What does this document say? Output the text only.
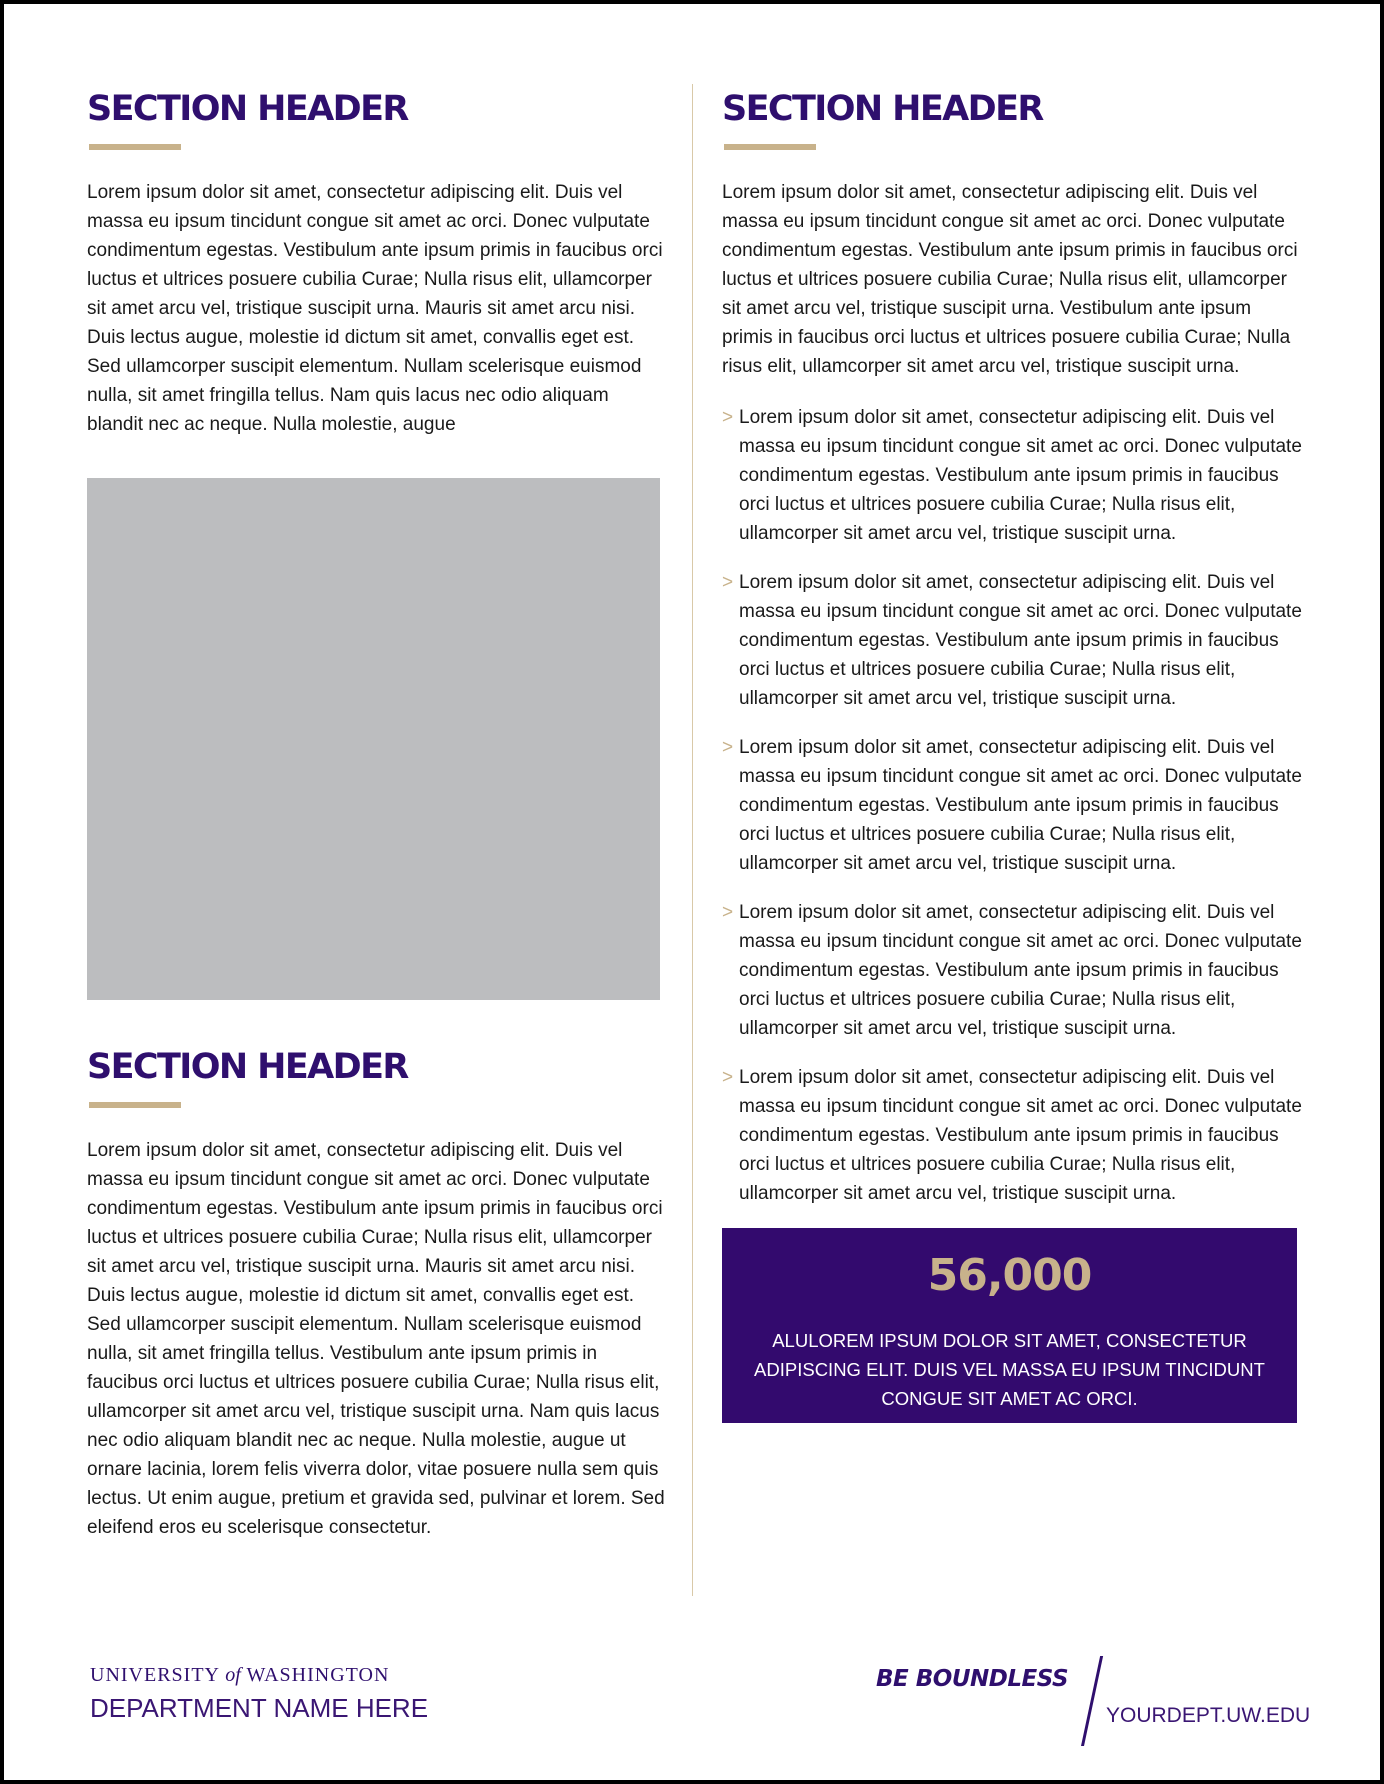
SECTION HEADER

Lorem ipsum dolor sit amet, consectetur adipiscing elit. Duis vel massa eu ipsum tincidunt congue sit amet ac orci. Donec vulputate condimentum egestas. Vestibulum ante ipsum primis in faucibus orci luctus et ultrices posuere cubilia Curae; Nulla risus elit, ullamcorper sit amet arcu vel, tristique suscipit urna. Mauris sit amet arcu nisi. Duis lectus augue, molestie id dictum sit amet, convallis eget est. Sed ullamcorper suscipit elementum. Nullam scelerisque euismod nulla, sit amet fringilla tellus. Nam quis lacus nec odio aliquam blandit nec ac neque. Nulla molestie, augue

SECTION HEADER

Lorem ipsum dolor sit amet, consectetur adipiscing elit. Duis vel massa eu ipsum tincidunt congue sit amet ac orci. Donec vulputate condimentum egestas. Vestibulum ante ipsum primis in faucibus orci luctus et ultrices posuere cubilia Curae; Nulla risus elit, ullamcorper sit amet arcu vel, tristique suscipit urna. Mauris sit amet arcu nisi. Duis lectus augue, molestie id dictum sit amet, convallis eget est. Sed ullamcorper suscipit elementum. Nullam scelerisque euismod nulla, sit amet fringilla tellus. Vestibulum ante ipsum primis in faucibus orci luctus et ultrices posuere cubilia Curae; Nulla risus elit, ullamcorper sit amet arcu vel, tristique suscipit urna. Nam quis lacus nec odio aliquam blandit nec ac neque. Nulla molestie, augue ut ornare lacinia, lorem felis viverra dolor, vitae posuere nulla sem quis lectus. Ut enim augue, pretium et gravida sed, pulvinar et lorem. Sed eleifend eros eu scelerisque consectetur.

SECTION HEADER

Lorem ipsum dolor sit amet, consectetur adipiscing elit. Duis vel massa eu ipsum tincidunt congue sit amet ac orci. Donec vulputate condimentum egestas. Vestibulum ante ipsum primis in faucibus orci luctus et ultrices posuere cubilia Curae; Nulla risus elit, ullamcorper sit amet arcu vel, tristique suscipit urna. Vestibulum ante ipsum primis in faucibus orci luctus et ultrices posuere cubilia Curae; Nulla risus elit, ullamcorper sit amet arcu vel, tristique suscipit urna.

> Lorem ipsum dolor sit amet, consectetur adipiscing elit. Duis vel massa eu ipsum tincidunt congue sit amet ac orci. Donec vulputate condimentum egestas. Vestibulum ante ipsum primis in faucibus orci luctus et ultrices posuere cubilia Curae; Nulla risus elit, ullamcorper sit amet arcu vel, tristique suscipit urna.
> Lorem ipsum dolor sit amet, consectetur adipiscing elit. Duis vel massa eu ipsum tincidunt congue sit amet ac orci. Donec vulputate condimentum egestas. Vestibulum ante ipsum primis in faucibus orci luctus et ultrices posuere cubilia Curae; Nulla risus elit, ullamcorper sit amet arcu vel, tristique suscipit urna.
> Lorem ipsum dolor sit amet, consectetur adipiscing elit. Duis vel massa eu ipsum tincidunt congue sit amet ac orci. Donec vulputate condimentum egestas. Vestibulum ante ipsum primis in faucibus orci luctus et ultrices posuere cubilia Curae; Nulla risus elit, ullamcorper sit amet arcu vel, tristique suscipit urna.
> Lorem ipsum dolor sit amet, consectetur adipiscing elit. Duis vel massa eu ipsum tincidunt congue sit amet ac orci. Donec vulputate condimentum egestas. Vestibulum ante ipsum primis in faucibus orci luctus et ultrices posuere cubilia Curae; Nulla risus elit, ullamcorper sit amet arcu vel, tristique suscipit urna.
> Lorem ipsum dolor sit amet, consectetur adipiscing elit. Duis vel massa eu ipsum tincidunt congue sit amet ac orci. Donec vulputate condimentum egestas. Vestibulum ante ipsum primis in faucibus orci luctus et ultrices posuere cubilia Curae; Nulla risus elit, ullamcorper sit amet arcu vel, tristique suscipit urna.
56,000
ALULOREM IPSUM DOLOR SIT AMET, CONSECTETUR ADIPISCING ELIT. DUIS VEL MASSA EU IPSUM TINCIDUNT CONGUE SIT AMET AC ORCI.
UNIVERSITY of WASHINGTON
DEPARTMENT NAME HERE
BE BOUNDLESS
YOURDEPT.UW.EDU
